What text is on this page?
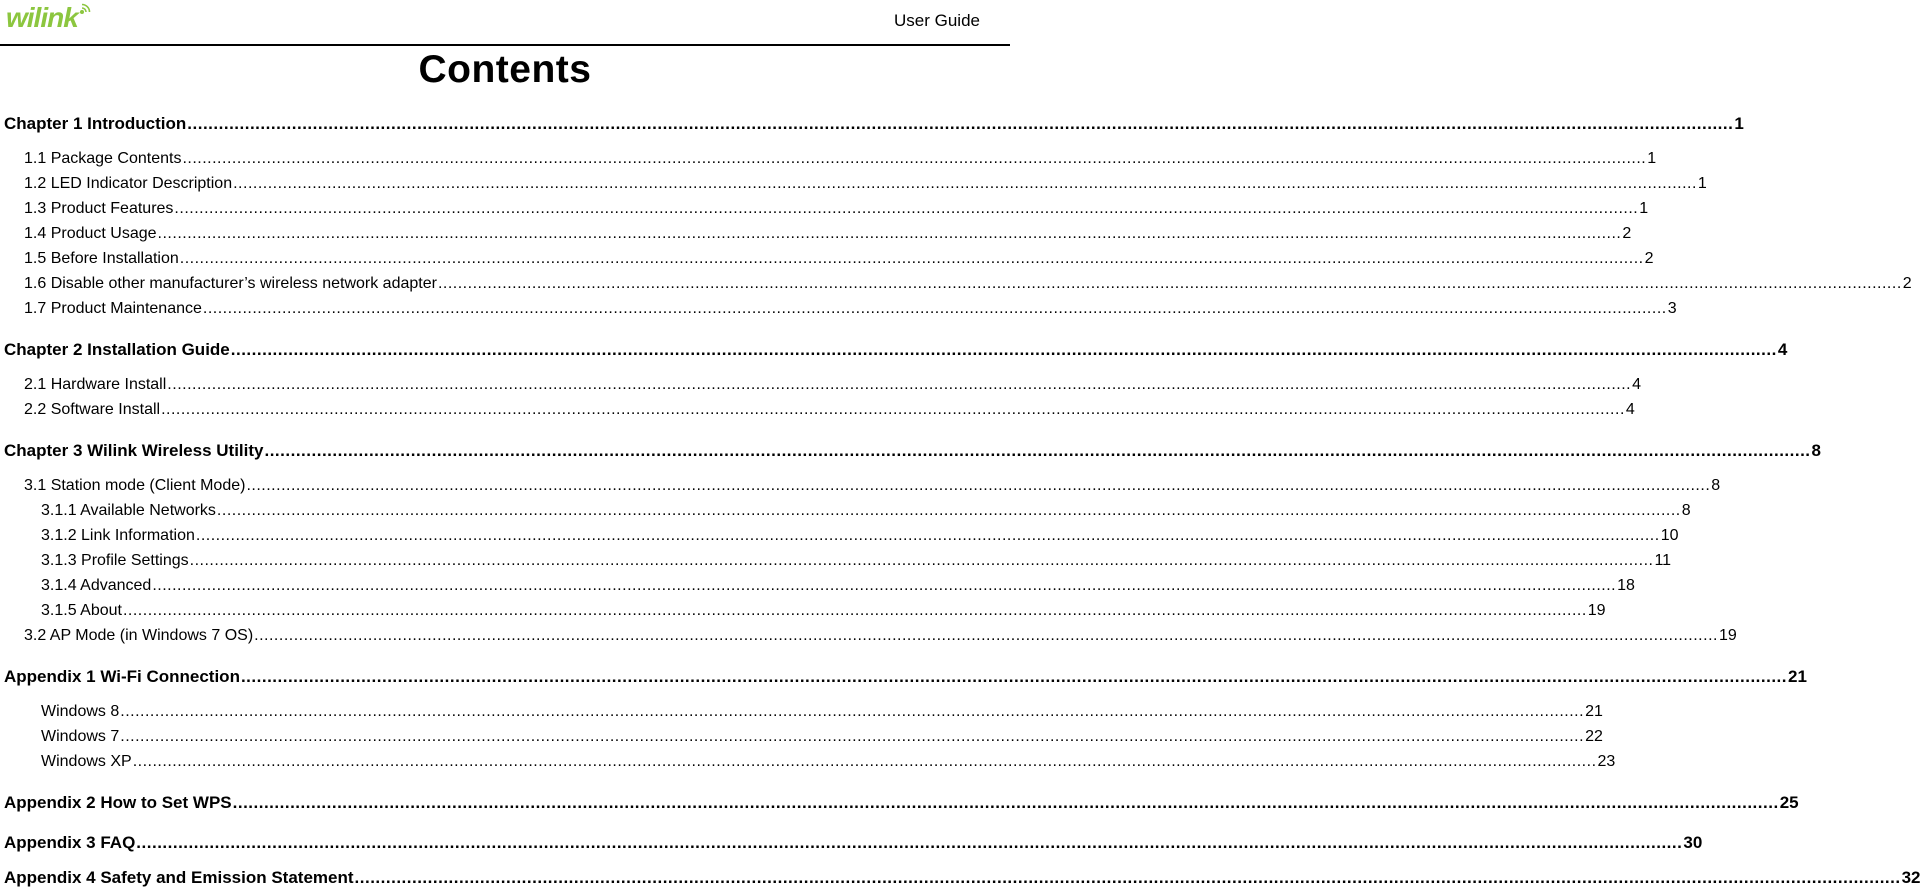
wilink	User Guide
Contents
Chapter 1 Introduction .....	1
1.1 Package Contents .....	1
1.2 LED Indicator Description .....	1
1.3 Product Features .....	1
1.4 Product Usage .....	2
1.5 Before Installation .....	2
1.6 Disable other manufacturer’s wireless network adapter .....	2
1.7 Product Maintenance .....	3
Chapter 2 Installation Guide .....	4
2.1 Hardware Install .....	4
2.2 Software Install .....	4
Chapter 3 Wilink Wireless Utility .....	8
3.1 Station mode (Client Mode) .....	8
3.1.1 Available Networks .....	8
3.1.2 Link Information .....	10
3.1.3 Profile Settings .....	11
3.1.4 Advanced .....	18
3.1.5 About .....	19
3.2 AP Mode (in Windows 7 OS) .....	19
Appendix 1 Wi-Fi Connection .....	21
Windows 8 .....	21
Windows 7 .....	22
Windows XP .....	23
Appendix 2 How to Set WPS .....	25
Appendix 3 FAQ .....	30
Appendix 4 Safety and Emission Statement .....	32
